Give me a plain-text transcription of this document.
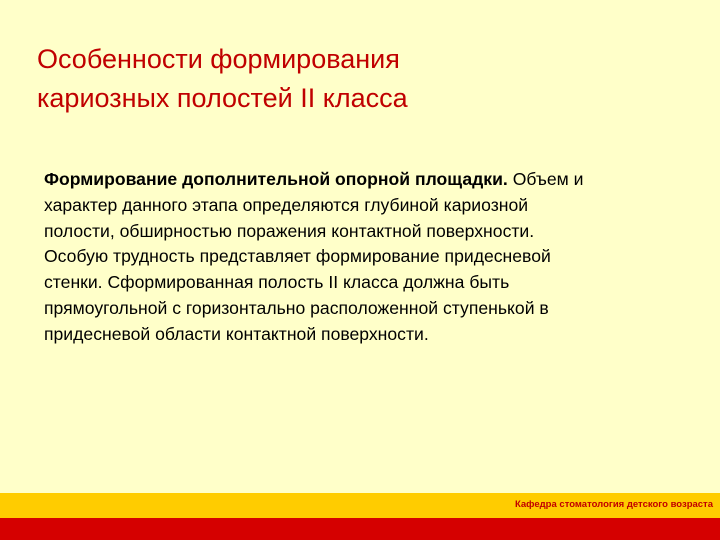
Особенности формирования
кариозных полостей II класса
Формирование дополнительной опорной площадки. Объем и
характер данного этапа определяются глубиной кариозной
полости, обширностью поражения контактной поверхности.
Особую трудность представляет формирование придесневой
стенки. Сформированная полость II класса должна быть
прямоугольной с горизонтально расположенной ступенькой в
придесневой области контактной поверхности.
Кафедра стоматология детского возраста
